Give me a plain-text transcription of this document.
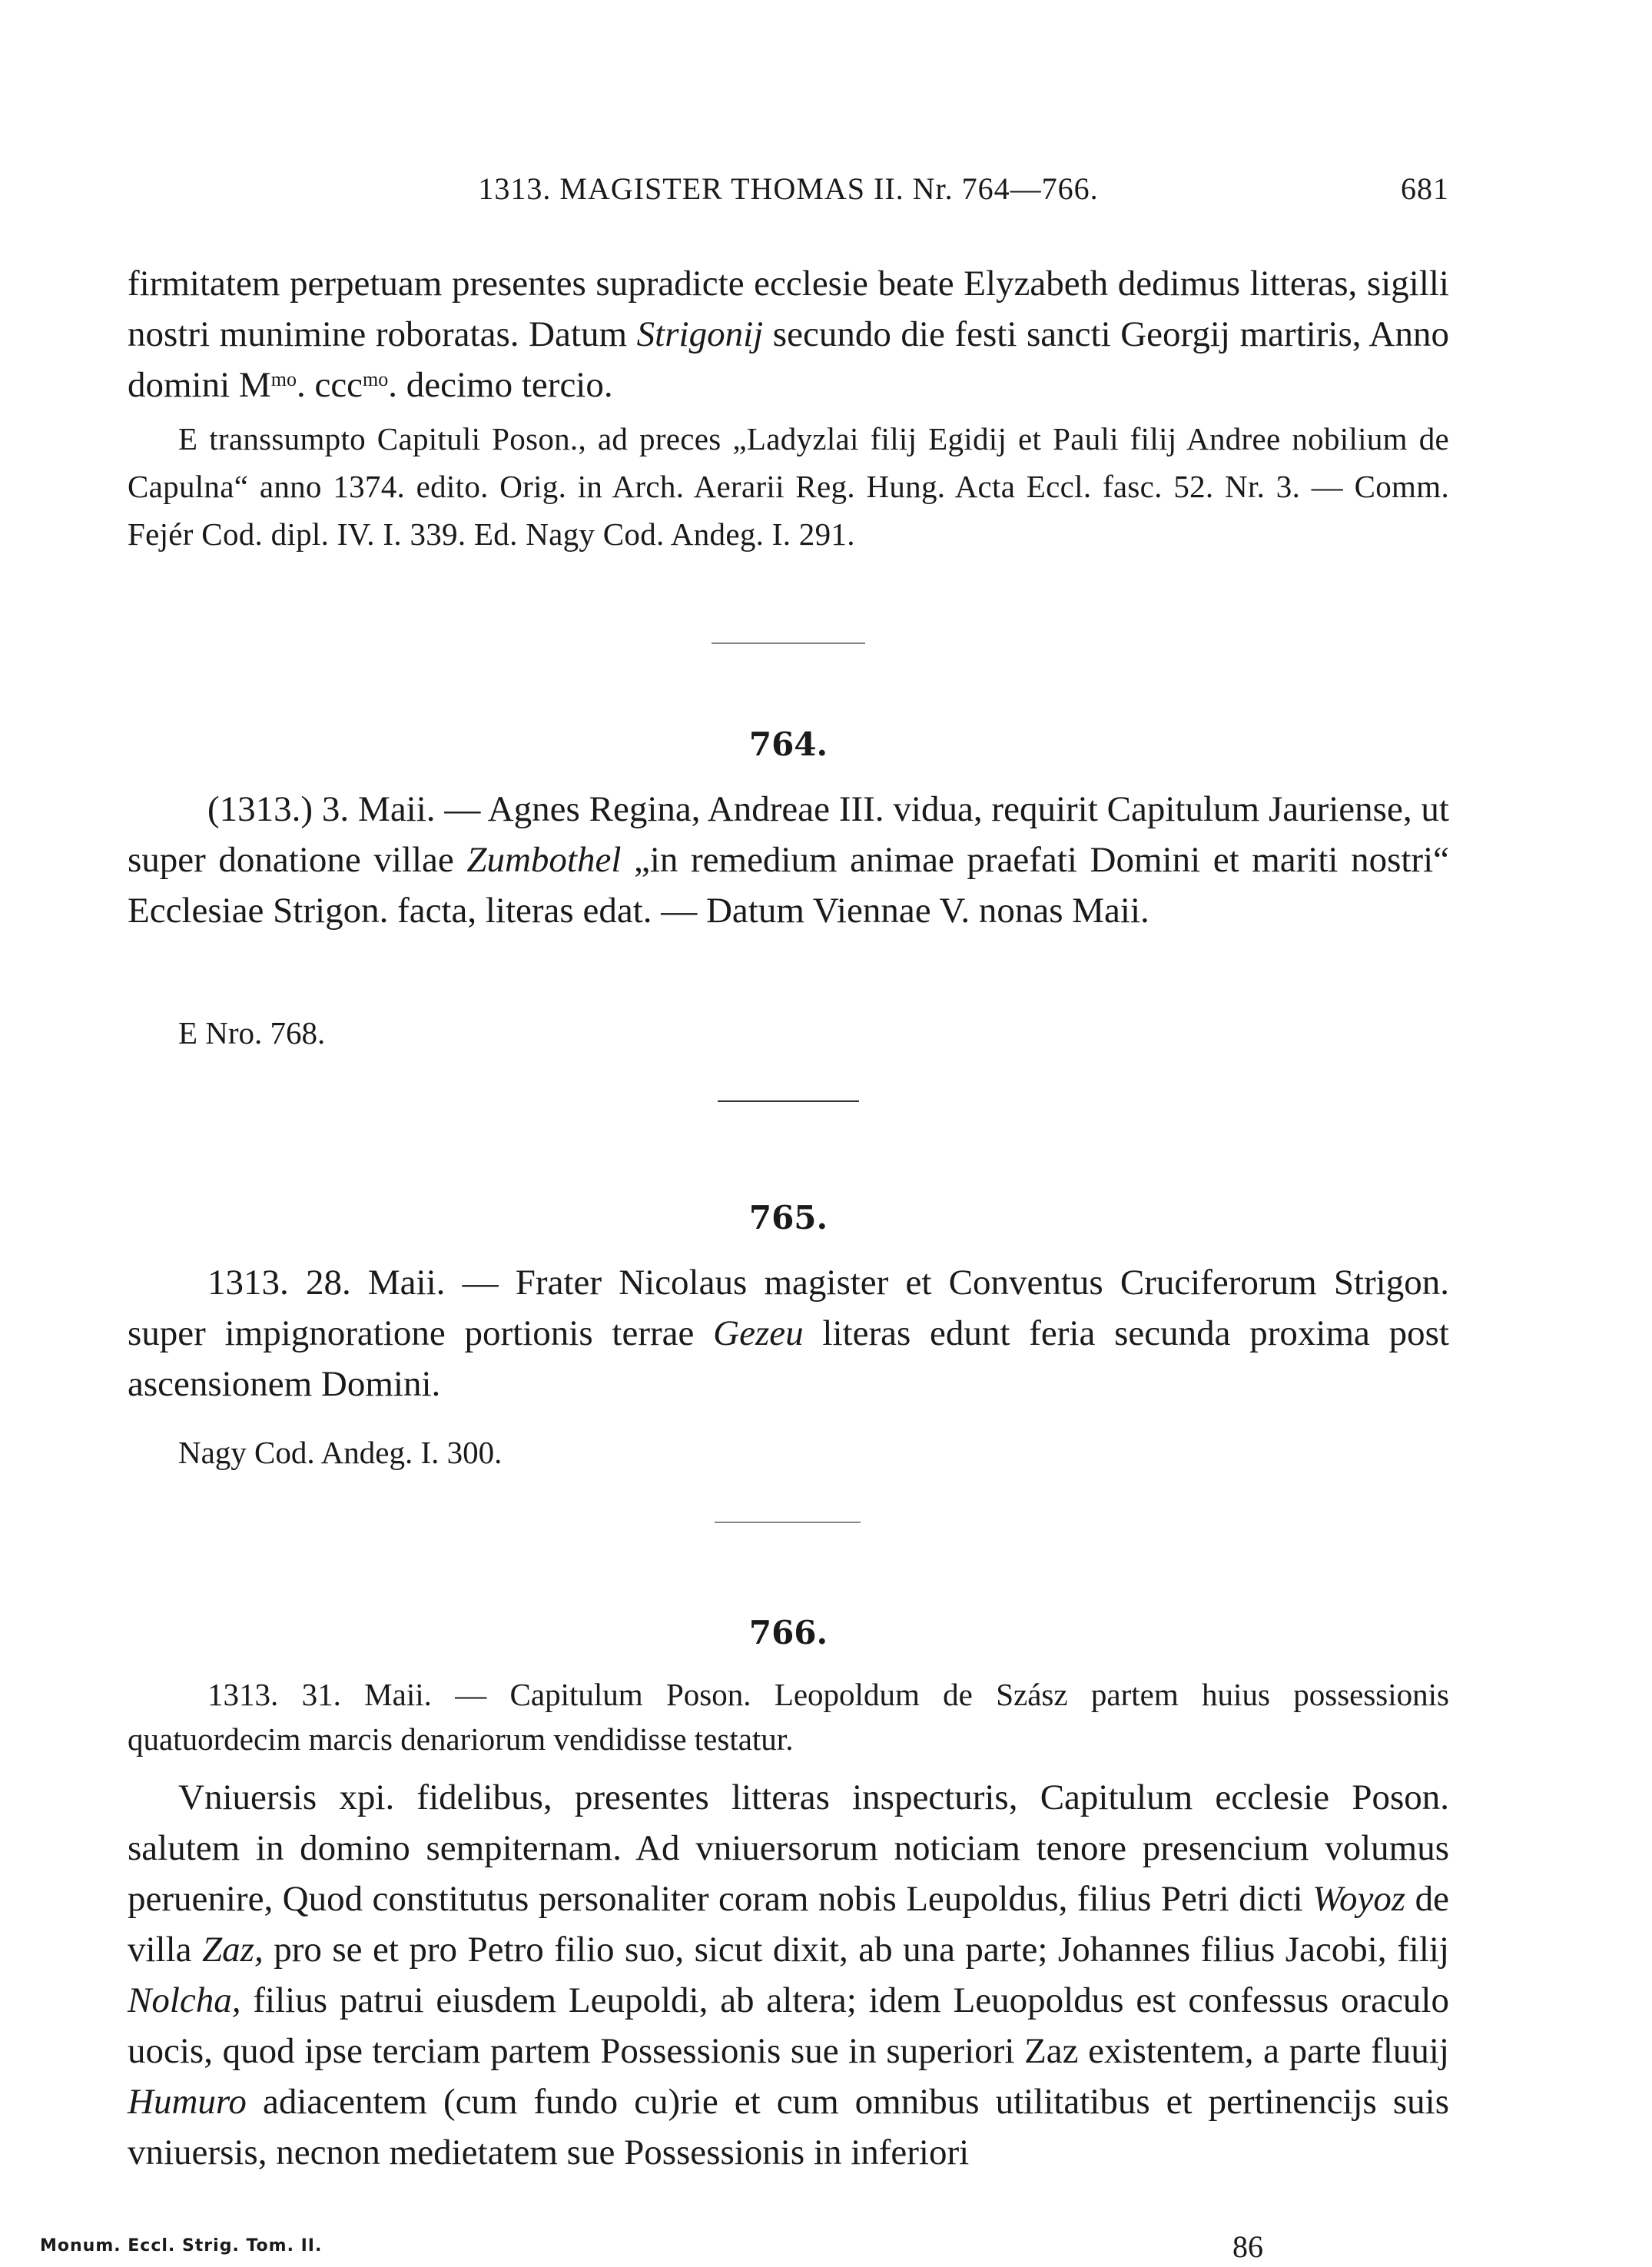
1313. MAGISTER THOMAS II. Nr. 764—766.	681
firmitatem perpetuam presentes supradicte ecclesie beate Elyzabeth dedimus litteras, sigilli nostri munimine roboratas. Datum Strigonij secundo die festi sancti Georgij martiris, Anno domini $M^{mo}$. ccc$^{mo}$. decimo tercio.
E transsumpto Capituli Poson., ad preces „Ladyzlai filij Egidij et Pauli filij Andree nobilium de Capulna“ anno 1374. edito. Orig. in Arch. Aerarii Reg. Hung. Acta Eccl. fasc. 52. Nr. 3. — Comm. Fejér Cod. dipl. IV. I. 339. Ed. Nagy Cod. Andeg. I. 291.
764.
(1313.) 3. Maii. — Agnes Regina, Andreae III. vidua, requirit Capitulum Jauriense, ut super donatione villae Zumbothel „in remedium animae praefati Domini et mariti nostri“ Ecclesiae Strigon. facta, literas edat. — Datum Viennae V. nonas Maii.
E Nro. 768.
765.
1313. 28. Maii. — Frater Nicolaus magister et Conventus Cruciferorum Strigon. super impignoratione portionis terrae Gezeu literas edunt feria secunda proxima post ascensionem Domini.
Nagy Cod. Andeg. I. 300.
766.
1313. 31. Maii. — Capitulum Poson. Leopoldum de Szász partem huius possessionis quatuordecim marcis denariorum vendidisse testatur.
Vniuersis xpi. fidelibus, presentes litteras inspecturis, Capitulum ecclesie Poson. salutem in domino sempiternam. Ad vniuersorum noticiam tenore presencium volumus peruenire, Quod constitutus personaliter coram nobis Leupoldus, filius Petri dicti Woyoz de villa Zaz, pro se et pro Petro filio suo, sicut dixit, ab una parte; Johannes filius Jacobi, filij Nolcha, filius patrui eiusdem Leupoldi, ab altera; idem Leuopoldus est confessus oraculo uocis, quod ipse terciam partem Possessionis sue in superiori Zaz existentem, a parte fluuij Humuro adiacentem (cum fundo cu)rie et cum omnibus utilitatibus et pertinencijs suis vniuersis, necnon medietatem sue Possessionis in inferiori
Monum. Eccl. Strig. Tom. II.	86
